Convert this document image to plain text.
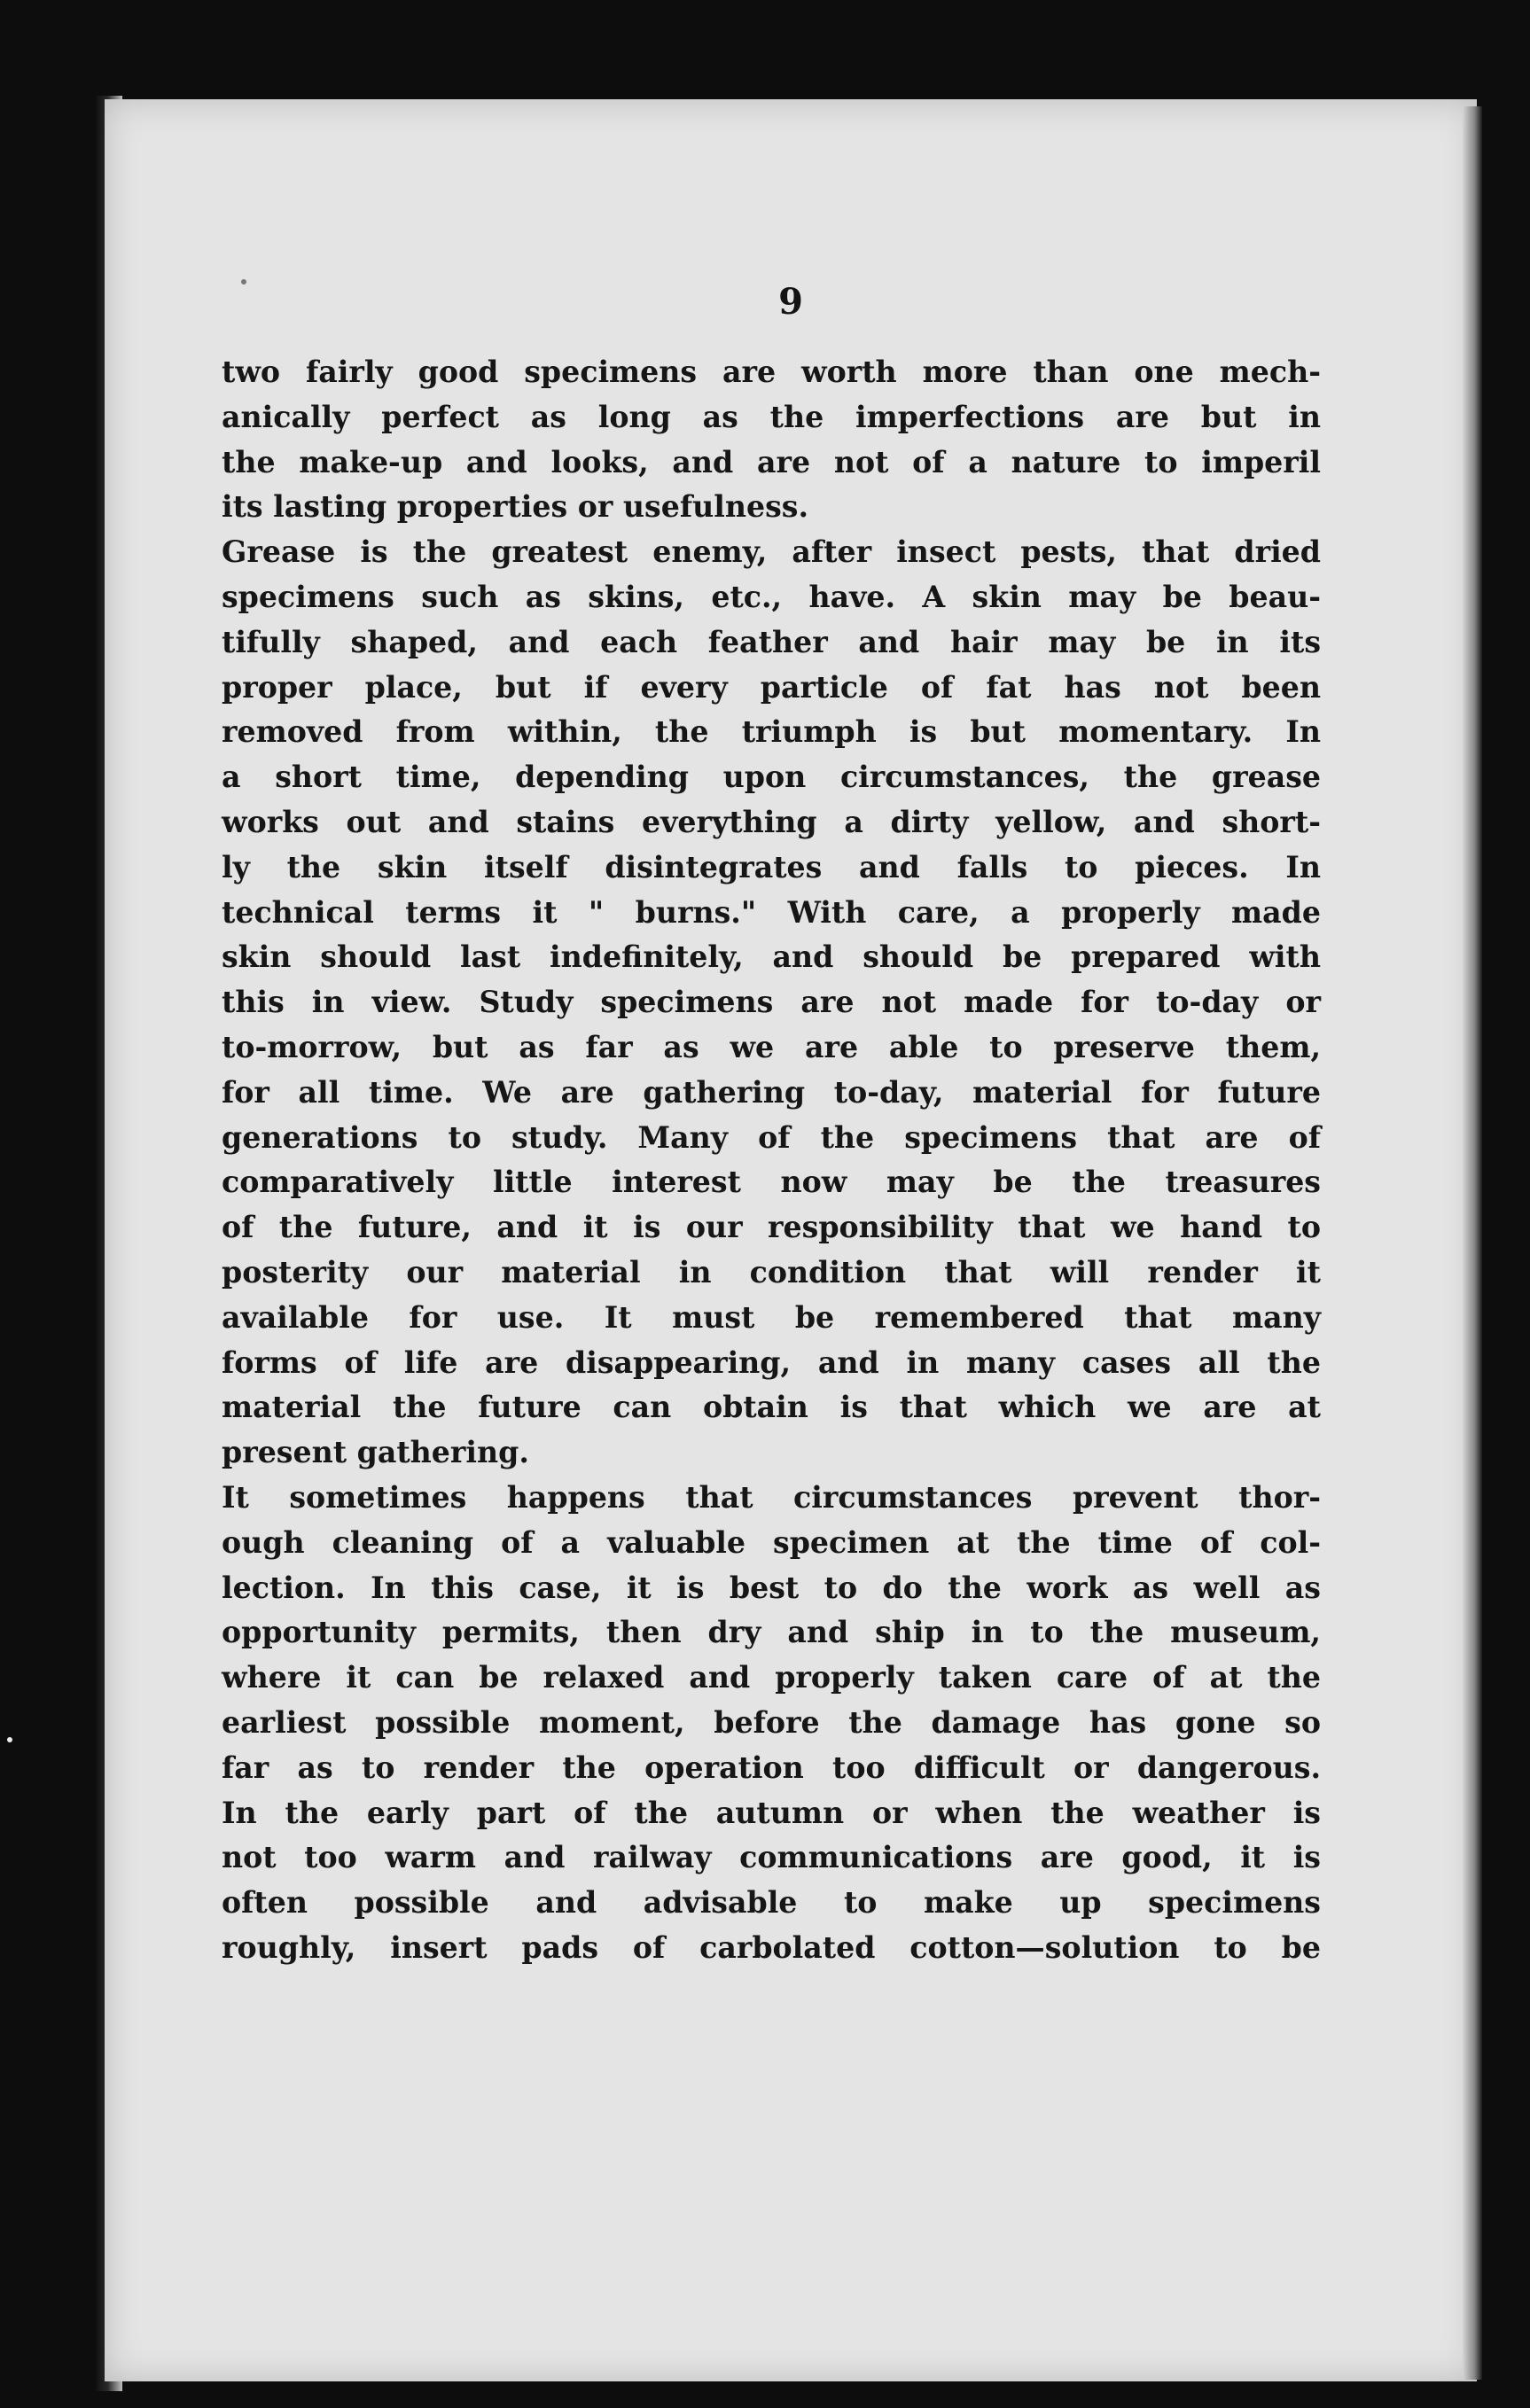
9
two fairly good specimens are worth more than one mech-
anically perfect as long as the imperfections are but in
the make-up and looks, and are not of a nature to imperil
its lasting properties or usefulness.
Grease is the greatest enemy, after insect pests, that dried
specimens such as skins, etc., have. A skin may be beau-
tifully shaped, and each feather and hair may be in its
proper place, but if every particle of fat has not been
removed from within, the triumph is but momentary. In
a short time, depending upon circumstances, the grease
works out and stains everything a dirty yellow, and short-
ly the skin itself disintegrates and falls to pieces. In
technical terms it " burns." With care, a properly made
skin should last indefinitely, and should be prepared with
this in view. Study specimens are not made for to-day or
to-morrow, but as far as we are able to preserve them,
for all time. We are gathering to-day, material for future
generations to study. Many of the specimens that are of
comparatively little interest now may be the treasures
of the future, and it is our responsibility that we hand to
posterity our material in condition that will render it
available for use. It must be remembered that many
forms of life are disappearing, and in many cases all the
material the future can obtain is that which we are at
present gathering.
It sometimes happens that circumstances prevent thor-
ough cleaning of a valuable specimen at the time of col-
lection. In this case, it is best to do the work as well as
opportunity permits, then dry and ship in to the museum,
where it can be relaxed and properly taken care of at the
earliest possible moment, before the damage has gone so
far as to render the operation too difficult or dangerous.
In the early part of the autumn or when the weather is
not too warm and railway communications are good, it is
often possible and advisable to make up specimens
roughly, insert pads of carbolated cotton—solution to be
